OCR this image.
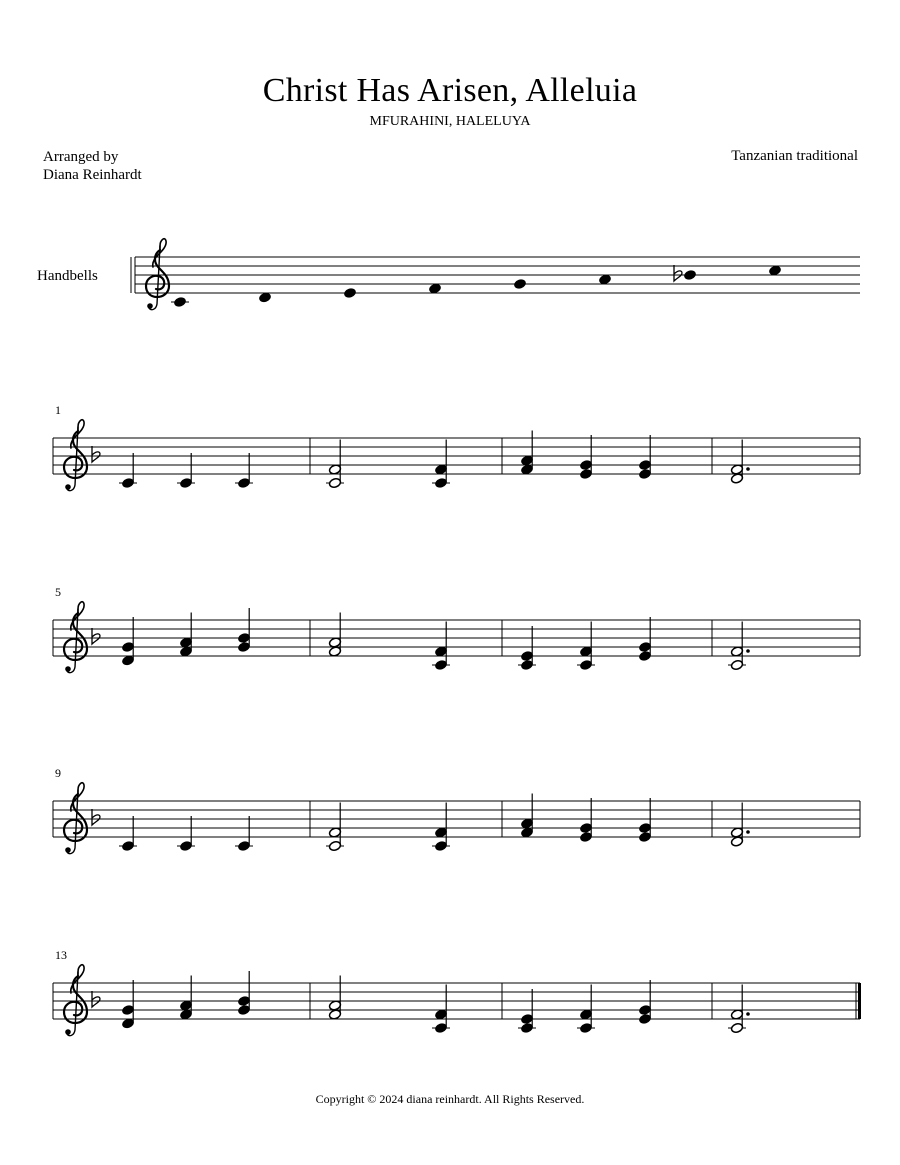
Christ Has Arisen, Alleluia
MFURAHINI, HALELUYA
Arranged by
Diana Reinhardt
Tanzanian traditional
Handbells
1
5
9
13
Copyright © 2024 diana reinhardt. All Rights Reserved.
